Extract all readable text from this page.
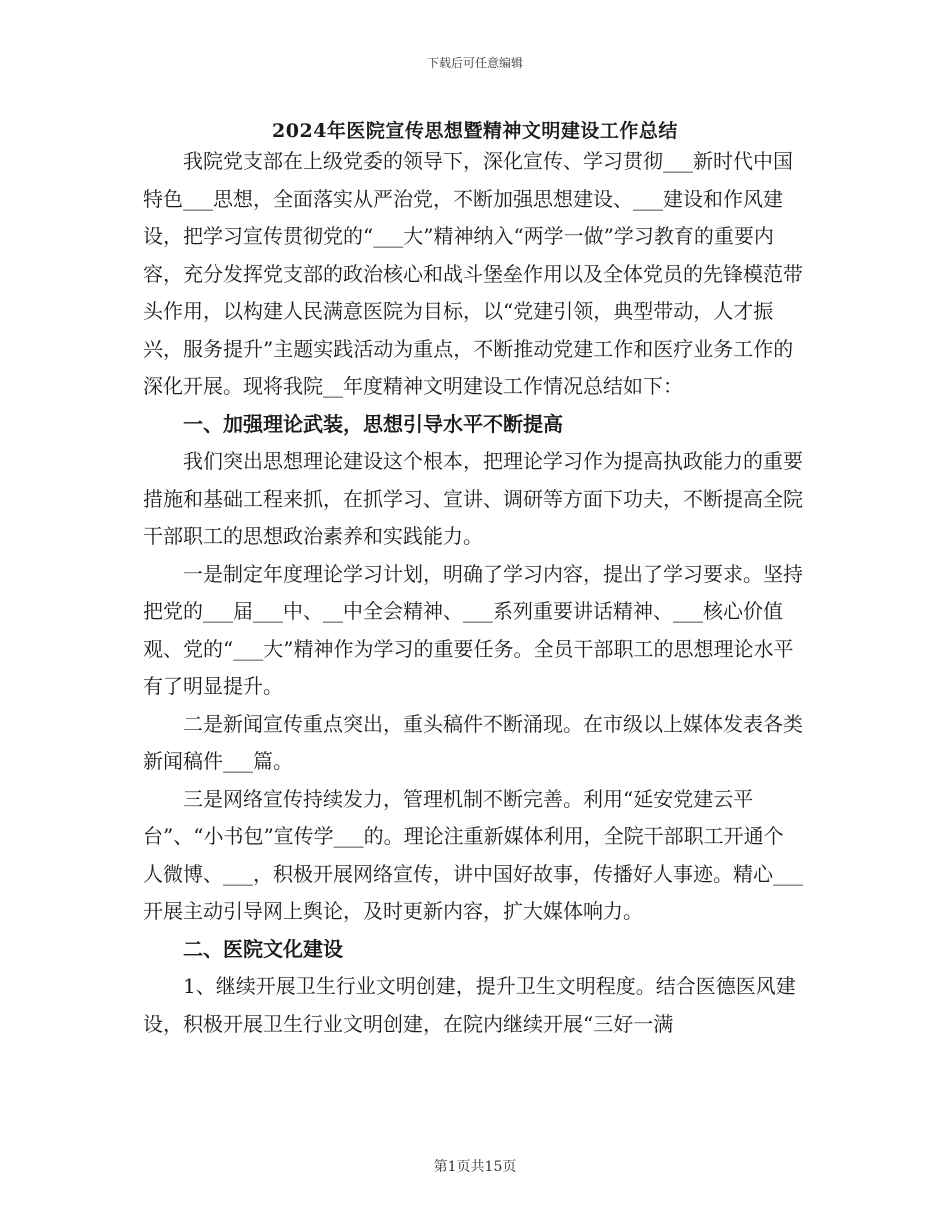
下载后可任意编辑
2024年医院宣传思想暨精神文明建设工作总结

我院党支部在上级党委的领导下，深化宣传、学习贯彻___新时代中国特色___思想，全面落实从严治党，不断加强思想建设、___建设和作风建设，把学习宣传贯彻党的“___大”精神纳入“两学一做”学习教育的重要内容，充分发挥党支部的政治核心和战斗堡垒作用以及全体党员的先锋模范带头作用，以构建人民满意医院为目标，以“党建引领，典型带动，人才振兴，服务提升”主题实践活动为重点，不断推动党建工作和医疗业务工作的深化开展。现将我院__年度精神文明建设工作情况总结如下：

一、加强理论武装，思想引导水平不断提高

我们突出思想理论建设这个根本，把理论学习作为提高执政能力的重要措施和基础工程来抓，在抓学习、宣讲、调研等方面下功夫，不断提高全院干部职工的思想政治素养和实践能力。

一是制定年度理论学习计划，明确了学习内容，提出了学习要求。坚持把党的___届___中、__中全会精神、___系列重要讲话精神、___核心价值观、党的“___大”精神作为学习的重要任务。全员干部职工的思想理论水平有了明显提升。

二是新闻宣传重点突出，重头稿件不断涌现。在市级以上媒体发表各类新闻稿件___篇。

三是网络宣传持续发力，管理机制不断完善。利用“延安党建云平台”、“小书包”宣传学___的。理论注重新媒体利用，全院干部职工开通个人微博、___，积极开展网络宣传，讲中国好故事，传播好人事迹。精心___开展主动引导网上舆论，及时更新内容，扩大媒体响力。

二、医院文化建设

1、继续开展卫生行业文明创建，提升卫生文明程度。结合医德医风建设，积极开展卫生行业文明创建，在院内继续开展“三好一满

第1页共15页
